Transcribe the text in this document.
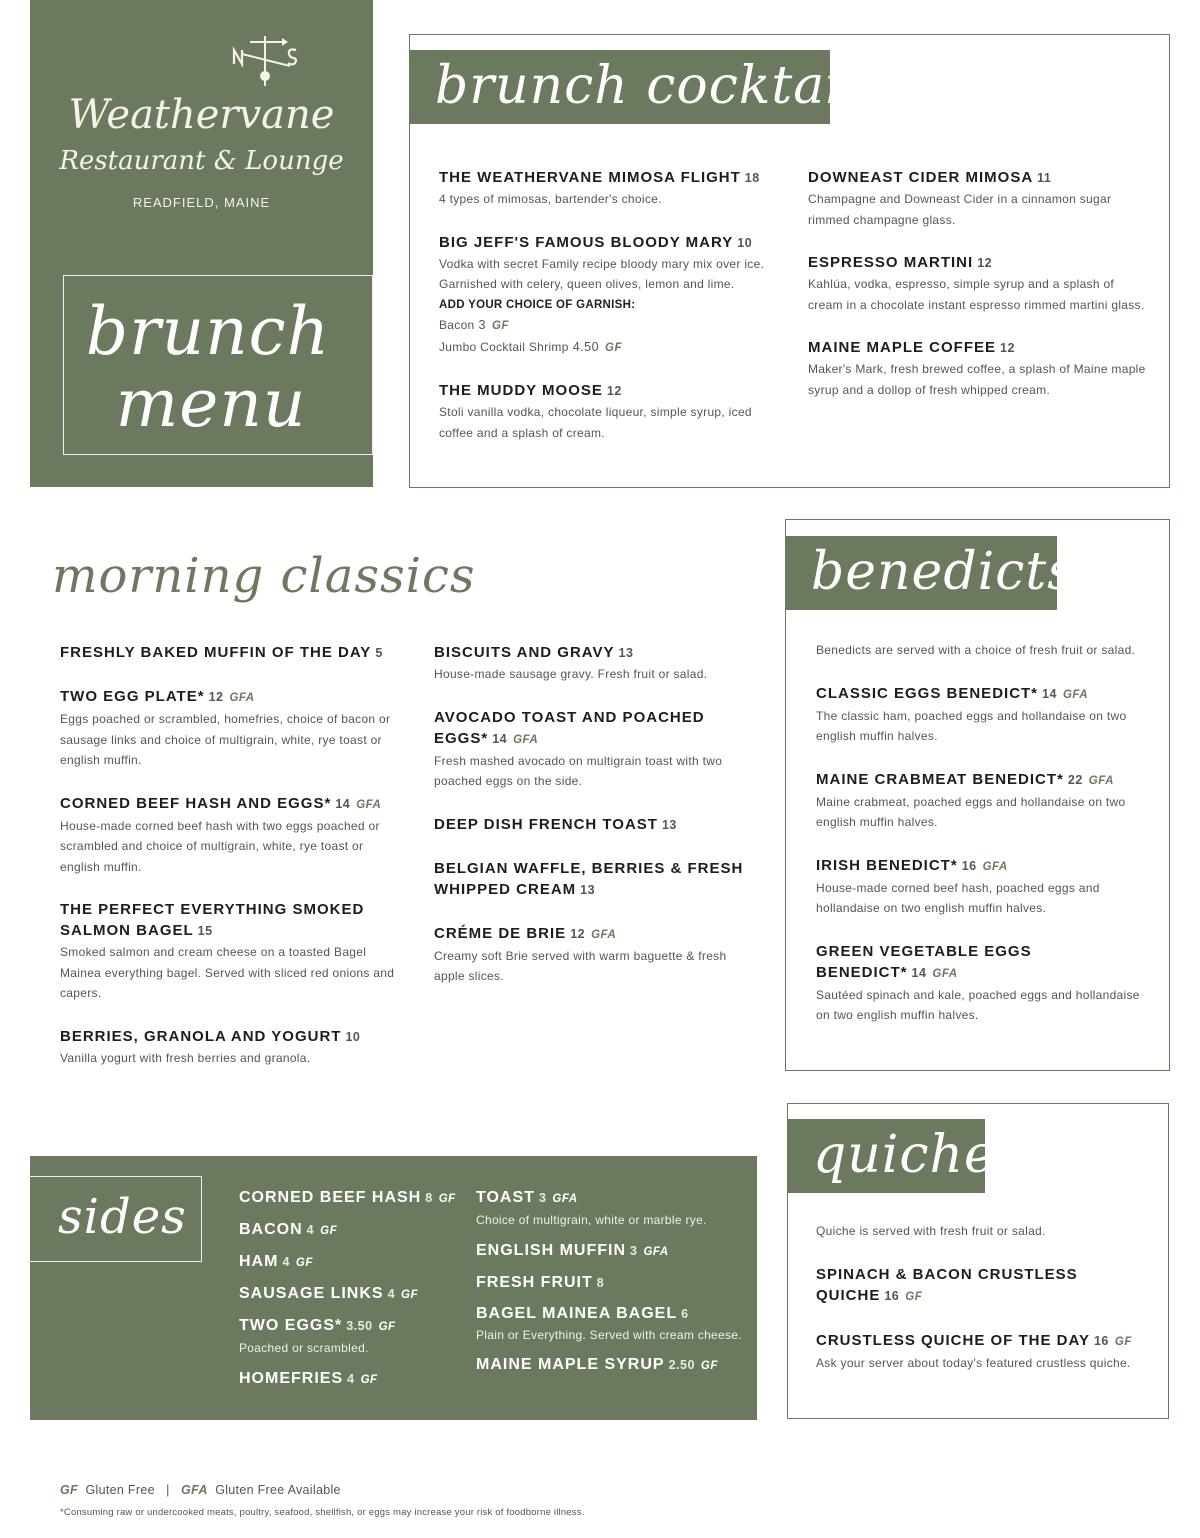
Weathervane
Restaurant & Lounge
READFIELD, MAINE
brunch
menu
brunch cocktails
THE WEATHERVANE MIMOSA FLIGHT 18
4 types of mimosas, bartender's choice.
BIG JEFF'S FAMOUS BLOODY MARY 10
Vodka with secret Family recipe bloody mary mix over ice. Garnished with celery, queen olives, lemon and lime.
ADD YOUR CHOICE OF GARNISH:
Bacon 3 GF
Jumbo Cocktail Shrimp 4.50 GF
THE MUDDY MOOSE 12
Stoli vanilla vodka, chocolate liqueur, simple syrup, iced coffee and a splash of cream.
DOWNEAST CIDER MIMOSA 11
Champagne and Downeast Cider in a cinnamon sugar rimmed champagne glass.
ESPRESSO MARTINI 12
Kahlúa, vodka, espresso, simple syrup and a splash of cream in a chocolate instant espresso rimmed martini glass.
MAINE MAPLE COFFEE 12
Maker's Mark, fresh brewed coffee, a splash of Maine maple syrup and a dollop of fresh whipped cream.
morning classics
FRESHLY BAKED MUFFIN OF THE DAY 5
TWO EGG PLATE* 12 GFA
Eggs poached or scrambled, homefries, choice of bacon or sausage links and choice of multigrain, white, rye toast or english muffin.
CORNED BEEF HASH AND EGGS* 14 GFA
House-made corned beef hash with two eggs poached or scrambled and choice of multigrain, white, rye toast or english muffin.
THE PERFECT EVERYTHING SMOKED SALMON BAGEL 15
Smoked salmon and cream cheese on a toasted Bagel Mainea everything bagel. Served with sliced red onions and capers.
BERRIES, GRANOLA AND YOGURT 10
Vanilla yogurt with fresh berries and granola.
BISCUITS AND GRAVY 13
House-made sausage gravy. Fresh fruit or salad.
AVOCADO TOAST AND POACHED EGGS* 14 GFA
Fresh mashed avocado on multigrain toast with two poached eggs on the side.
DEEP DISH FRENCH TOAST 13
BELGIAN WAFFLE, BERRIES & FRESH WHIPPED CREAM 13
CRÉME DE BRIE 12 GFA
Creamy soft Brie served with warm baguette & fresh apple slices.
benedicts
Benedicts are served with a choice of fresh fruit or salad.
CLASSIC EGGS BENEDICT* 14 GFA
The classic ham, poached eggs and hollandaise on two english muffin halves.
MAINE CRABMEAT BENEDICT* 22 GFA
Maine crabmeat, poached eggs and hollandaise on two english muffin halves.
IRISH BENEDICT* 16 GFA
House-made corned beef hash, poached eggs and hollandaise on two english muffin halves.
GREEN VEGETABLE EGGS BENEDICT* 14 GFA
Sautéed spinach and kale, poached eggs and hollandaise on two english muffin halves.
sides	CORNED BEEF HASH 8 GF
BACON 4 GF
HAM 4 GF
SAUSAGE LINKS 4 GF
TWO EGGS* 3.50 GF
Poached or scrambled.
HOMEFRIES 4 GF
TOAST 3 GFA
Choice of multigrain, white or marble rye.
ENGLISH MUFFIN 3 GFA
FRESH FRUIT 8
BAGEL MAINEA BAGEL 6
Plain or Everything. Served with cream cheese.
MAINE MAPLE SYRUP 2.50 GF
quiche
Quiche is served with fresh fruit or salad.
SPINACH & BACON CRUSTLESS QUICHE 16 GF
CRUSTLESS QUICHE OF THE DAY 16 GF
Ask your server about today's featured crustless quiche.
GF Gluten Free | GFA Gluten Free Available
*Consuming raw or undercooked meats, poultry, seafood, shellfish, or eggs may increase your risk of foodborne illness.
